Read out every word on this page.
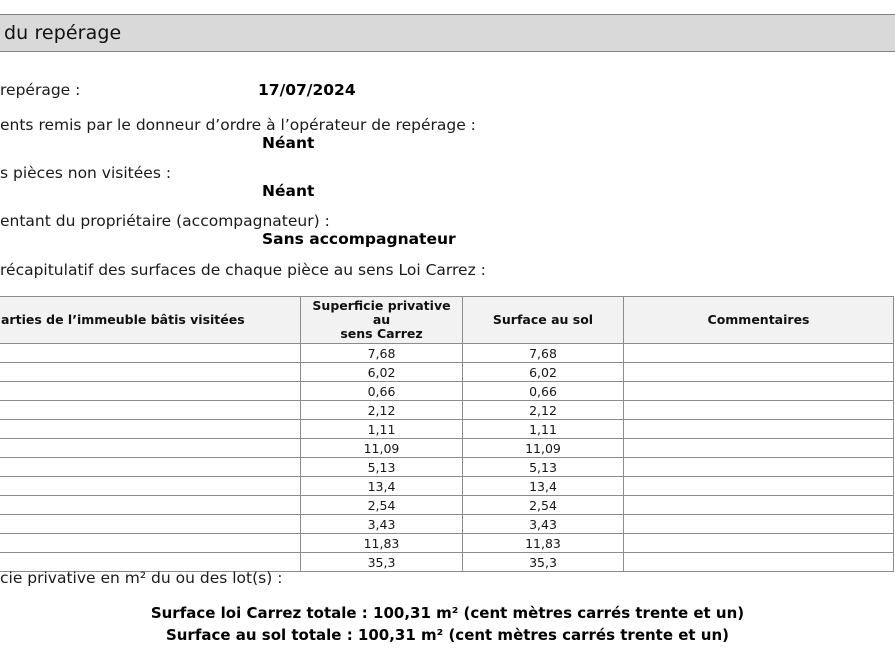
du repérage
repérage :	17/07/2024
ents remis par le donneur d’ordre à l’opérateur de repérage :
Néant
s pièces non visitées :
Néant
entant du propriétaire (accompagnateur) :
Sans accompagnateur
récapitulatif des surfaces de chaque pièce au sens Loi Carrez :
arties de l’immeuble bâtis visitées	Superficie privative au
sens Carrez	Surface au sol	Commentaires
	7,68	7,68	
	6,02	6,02	
	0,66	0,66	
	2,12	2,12	
	1,11	1,11	
	11,09	11,09	
	5,13	5,13	
	13,4	13,4	
	2,54	2,54	
	3,43	3,43	
	11,83	11,83	
	35,3	35,3	
cie privative en m² du ou des lot(s) :
Surface loi Carrez totale : 100,31 m² (cent mètres carrés trente et un)
Surface au sol totale : 100,31 m² (cent mètres carrés trente et un)
